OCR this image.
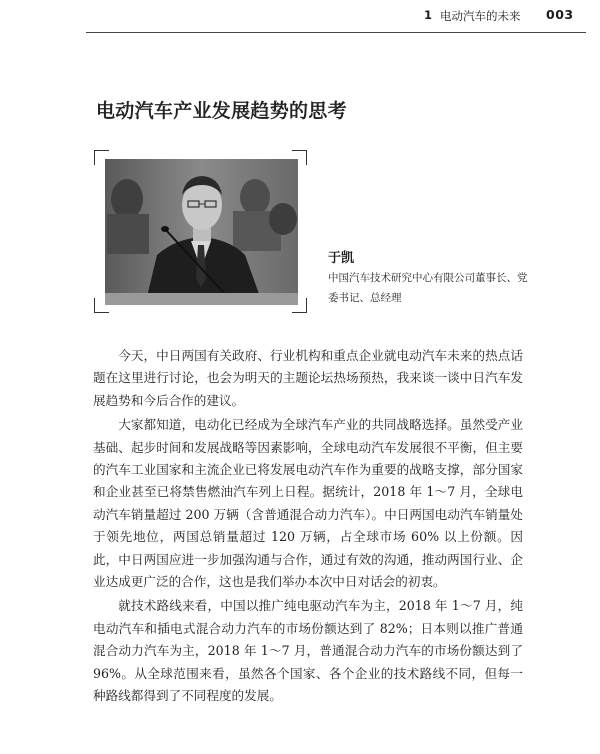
1 电动汽车的未来 003
电动汽车产业发展趋势的思考
于凯
中国汽车技术研究中心有限公司董事长、党委书记、总经理

今天，中日两国有关政府、行业机构和重点企业就电动汽车未来的热点话题在这里进行讨论，也会为明天的主题论坛热场预热，我来谈一谈中日汽车发展趋势和今后合作的建议。

大家都知道，电动化已经成为全球汽车产业的共同战略选择。虽然受产业基础、起步时间和发展战略等因素影响，全球电动汽车发展很不平衡，但主要的汽车工业国家和主流企业已将发展电动汽车作为重要的战略支撑，部分国家和企业甚至已将禁售燃油汽车列上日程。据统计，2018 年 1～7 月，全球电动汽车销量超过 200 万辆（含普通混合动力汽车）。中日两国电动汽车销量处于领先地位，两国总销量超过 120 万辆，占全球市场 60% 以上份额。因此，中日两国应进一步加强沟通与合作，通过有效的沟通，推动两国行业、企业达成更广泛的合作，这也是我们举办本次中日对话会的初衷。

就技术路线来看，中国以推广纯电驱动汽车为主，2018 年 1～7 月，纯电动汽车和插电式混合动力汽车的市场份额达到了 82%；日本则以推广普通混合动力汽车为主，2018 年 1～7 月，普通混合动力汽车的市场份额达到了 96%。从全球范围来看，虽然各个国家、各个企业的技术路线不同，但每一种路线都得到了不同程度的发展。
